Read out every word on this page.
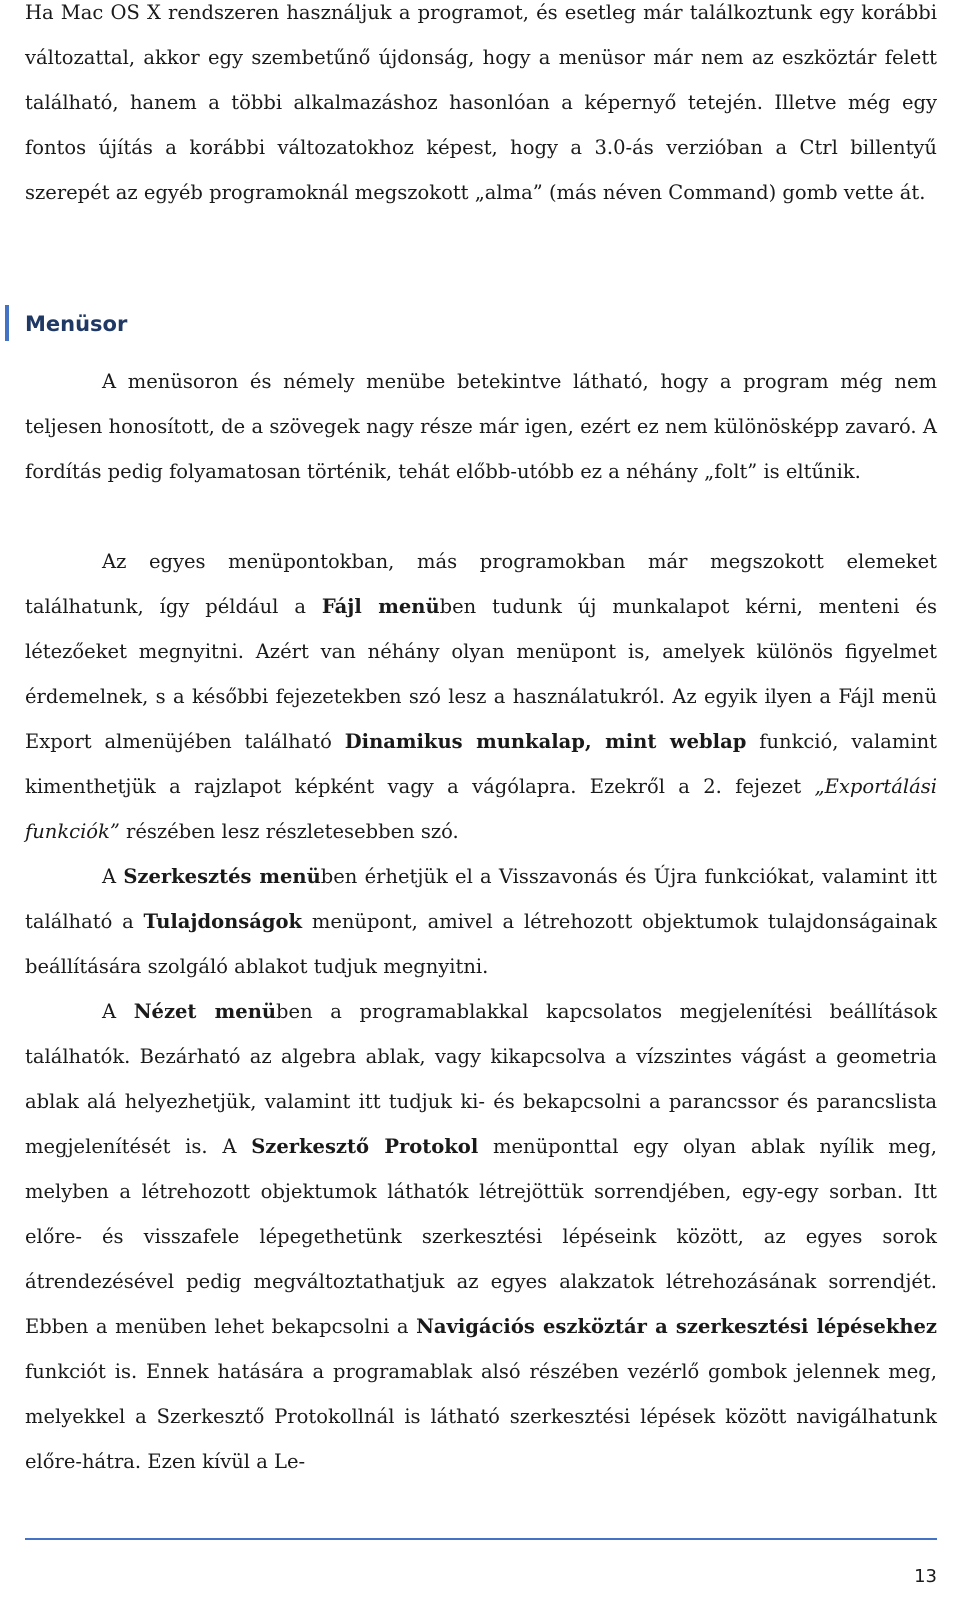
Ha Mac OS X rendszeren használjuk a programot, és esetleg már találkoztunk egy korábbi változattal, akkor egy szembetűnő újdonság, hogy a menüsor már nem az eszköztár felett található, hanem a többi alkalmazáshoz hasonlóan a képernyő tetején. Illetve még egy fontos újítás a korábbi változatokhoz képest, hogy a 3.0-ás verzióban a Ctrl billentyű szerepét az egyéb programoknál megszokott „alma” (más néven Command) gomb vette át.

Menüsor

A menüsoron és némely menübe betekintve látható, hogy a program még nem teljesen honosított, de a szövegek nagy része már igen, ezért ez nem különösképp zavaró. A fordítás pedig folyamatosan történik, tehát előbb-utóbb ez a néhány „folt” is eltűnik.

Az egyes menüpontokban, más programokban már megszokott elemeket találhatunk, így például a Fájl menüben tudunk új munkalapot kérni, menteni és létezőeket megnyitni. Azért van néhány olyan menüpont is, amelyek különös figyelmet érdemelnek, s a későbbi fejezetekben szó lesz a használatukról. Az egyik ilyen a Fájl menü Export almenüjében található Dinamikus munkalap, mint weblap funkció, valamint kimenthetjük a rajzlapot képként vagy a vágólapra. Ezekről a 2. fejezet „Exportálási funkciók” részében lesz részletesebben szó.

A Szerkesztés menüben érhetjük el a Visszavonás és Újra funkciókat, valamint itt található a Tulajdonságok menüpont, amivel a létrehozott objektumok tulajdonságainak beállítására szolgáló ablakot tudjuk megnyitni.

A Nézet menüben a programablakkal kapcsolatos megjelenítési beállítások találhatók. Bezárható az algebra ablak, vagy kikapcsolva a vízszintes vágást a geometria ablak alá helyezhetjük, valamint itt tudjuk ki- és bekapcsolni a parancssor és parancslista megjelenítését is. A Szerkesztő Protokol menüponttal egy olyan ablak nyílik meg, melyben a létrehozott objektumok láthatók létrejöttük sorrendjében, egy-egy sorban. Itt előre- és visszafele lépegethetünk szerkesztési lépéseink között, az egyes sorok átrendezésével pedig megváltoztathatjuk az egyes alakzatok létrehozásának sorrendjét. Ebben a menüben lehet bekapcsolni a Navigációs eszköztár a szerkesztési lépésekhez funkciót is. Ennek hatására a programablak alsó részében vezérlő gombok jelennek meg, melyekkel a Szerkesztő Protokollnál is látható szerkesztési lépések között navigálhatunk előre-hátra. Ezen kívül a Le-

13
